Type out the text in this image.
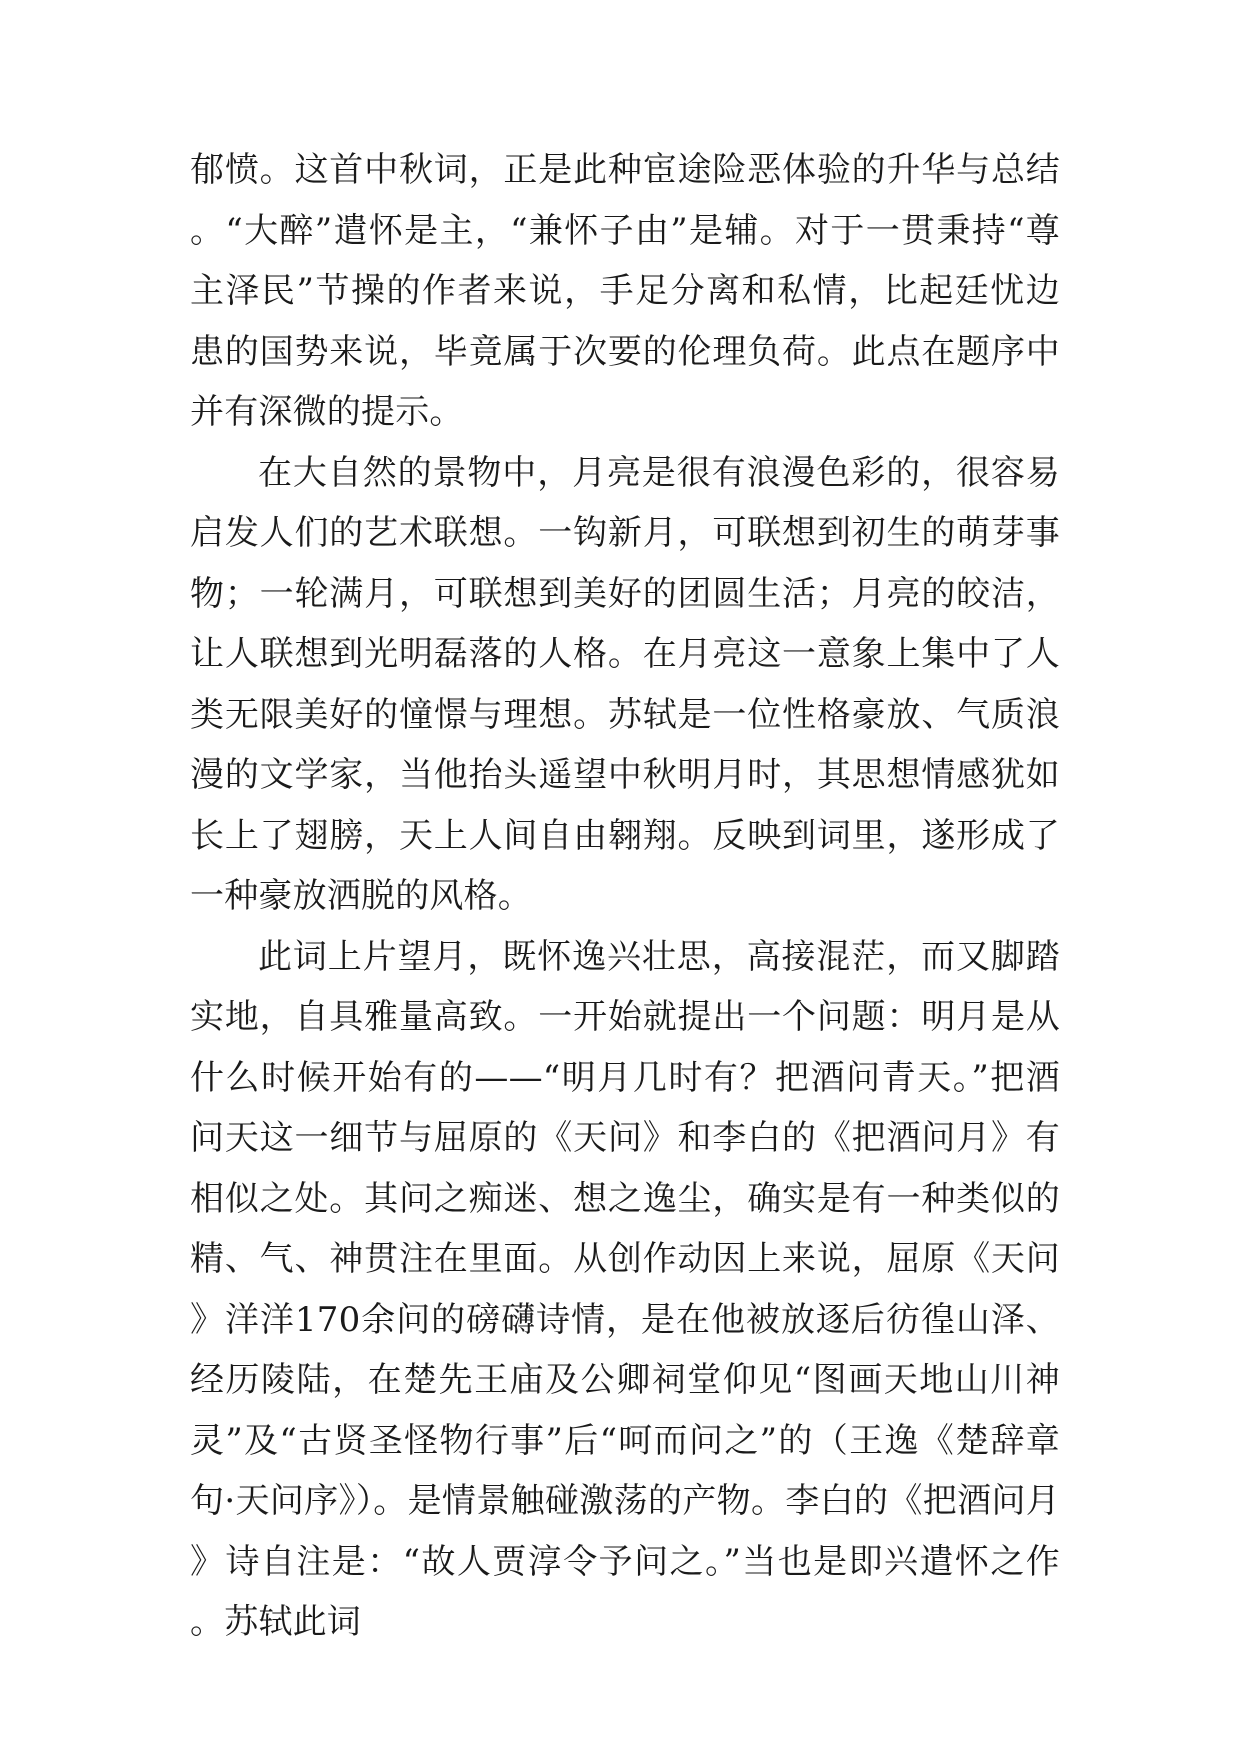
郁愤。这首中秋词，正是此种宦途险恶体验的升华与总结。“大醉”遣怀是主，“兼怀子由”是辅。对于一贯秉持“尊主泽民”节操的作者来说，手足分离和私情，比起廷忧边患的国势来说，毕竟属于次要的伦理负荷。此点在题序中并有深微的提示。

在大自然的景物中，月亮是很有浪漫色彩的，很容易启发人们的艺术联想。一钩新月，可联想到初生的萌芽事物；一轮满月，可联想到美好的团圆生活；月亮的皎洁，让人联想到光明磊落的人格。在月亮这一意象上集中了人类无限美好的憧憬与理想。苏轼是一位性格豪放、气质浪漫的文学家，当他抬头遥望中秋明月时，其思想情感犹如长上了翅膀，天上人间自由翱翔。反映到词里，遂形成了一种豪放洒脱的风格。

此词上片望月，既怀逸兴壮思，高接混茫，而又脚踏实地，自具雅量高致。一开始就提出一个问题：明月是从什么时候开始有的——“明月几时有？把酒问青天。”把酒问天这一细节与屈原的《天问》和李白的《把酒问月》有相似之处。其问之痴迷、想之逸尘，确实是有一种类似的精、气、神贯注在里面。从创作动因上来说，屈原《天问》洋洋170余问的磅礴诗情，是在他被放逐后彷徨山泽、经历陵陆，在楚先王庙及公卿祠堂仰见“图画天地山川神灵”及“古贤圣怪物行事”后“呵而问之”的（王逸《楚辞章句·天问序》）。是情景触碰激荡的产物。李白的《把酒问月》诗自注是：“故人贾淳令予问之。”当也是即兴遣怀之作。苏轼此词
